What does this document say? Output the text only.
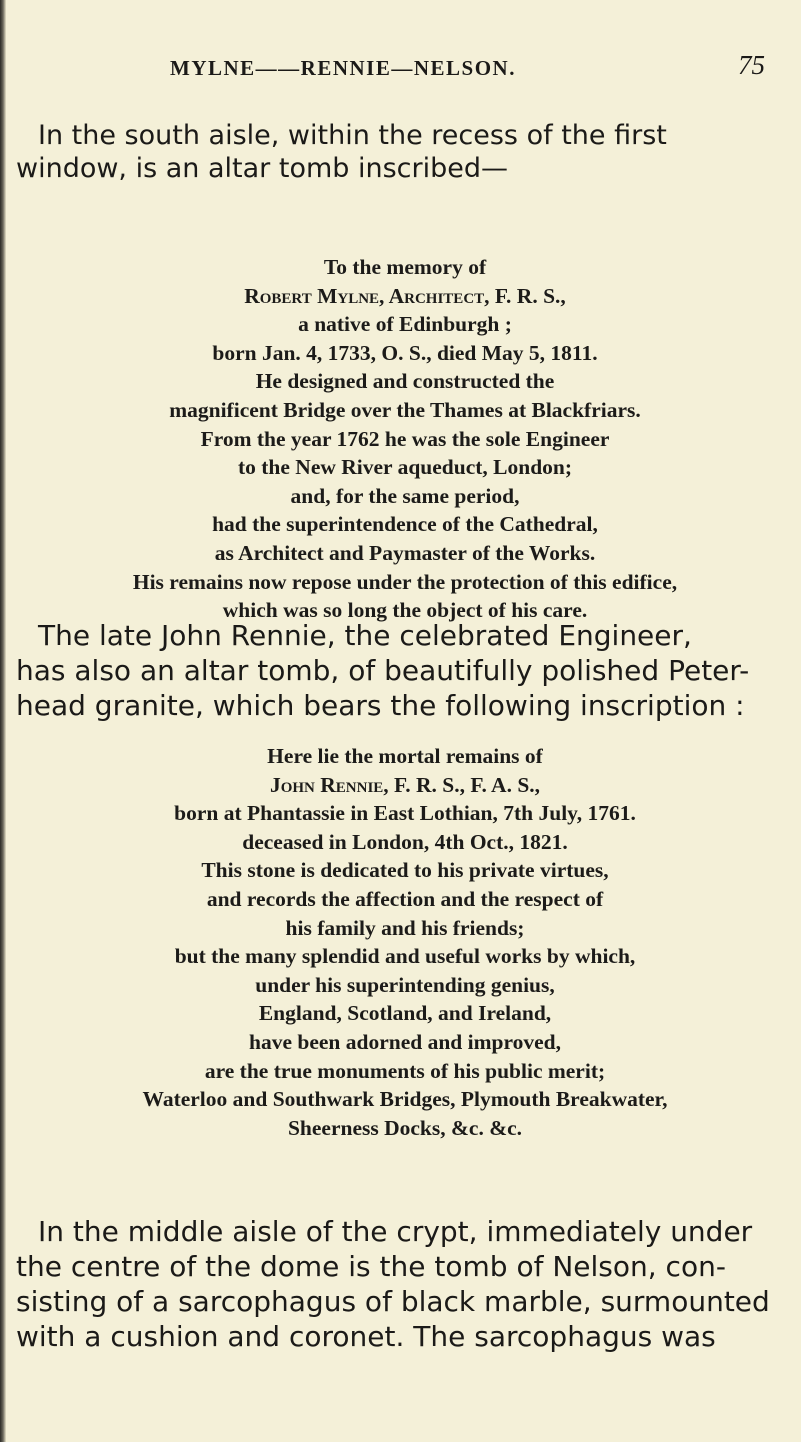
MYLNE——RENNIE—NELSON.	75

In the south aisle, within the recess of the first
window, is an altar tomb inscribed—

To the memory of
Robert Mylne, Architect, F. R. S.,
a native of Edinburgh ;
born Jan. 4, 1733, O. S., died May 5, 1811.
He designed and constructed the
magnificent Bridge over the Thames at Blackfriars.
From the year 1762 he was the sole Engineer
to the New River aqueduct, London;
and, for the same period,
had the superintendence of the Cathedral,
as Architect and Paymaster of the Works.
His remains now repose under the protection of this edifice,
which was so long the object of his care.

The late John Rennie, the celebrated Engineer,
has also an altar tomb, of beautifully polished Peter-
head granite, which bears the following inscription :

Here lie the mortal remains of
John Rennie, F. R. S., F. A. S.,
born at Phantassie in East Lothian, 7th July, 1761.
deceased in London, 4th Oct., 1821.
This stone is dedicated to his private virtues,
and records the affection and the respect of
his family and his friends;
but the many splendid and useful works by which,
under his superintending genius,
England, Scotland, and Ireland,
have been adorned and improved,
are the true monuments of his public merit;
Waterloo and Southwark Bridges, Plymouth Breakwater,
Sheerness Docks, &c. &c.

In the middle aisle of the crypt, immediately under
the centre of the dome is the tomb of Nelson, con-
sisting of a sarcophagus of black marble, surmounted
with a cushion and coronet. The sarcophagus was
